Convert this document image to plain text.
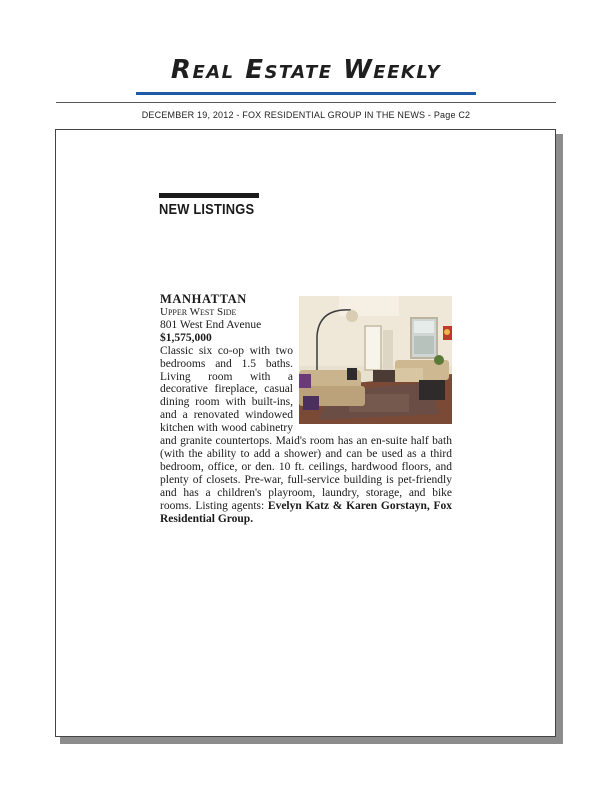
Real Estate Weekly
DECEMBER 19, 2012 - FOX RESIDENTIAL GROUP IN THE NEWS - Page C2
NEW LISTINGS
MANHATTAN
Upper West Side
801 West End Avenue
$1,575,000
Classic six co-op with two bedrooms and 1.5 baths. Living room with a decorative fireplace, casual dining room with built-ins, and a renovated windowed kitchen with wood cabinetry and granite countertops. Maid's room has an en-suite half bath (with the ability to add a shower) and can be used as a third bedroom, office, or den. 10 ft. ceilings, hardwood floors, and plenty of closets. Pre-war, full-service building is pet-friendly and has a children's playroom, laundry, storage, and bike rooms. Listing agents: Evelyn Katz & Karen Gorstayn, Fox Residential Group.
